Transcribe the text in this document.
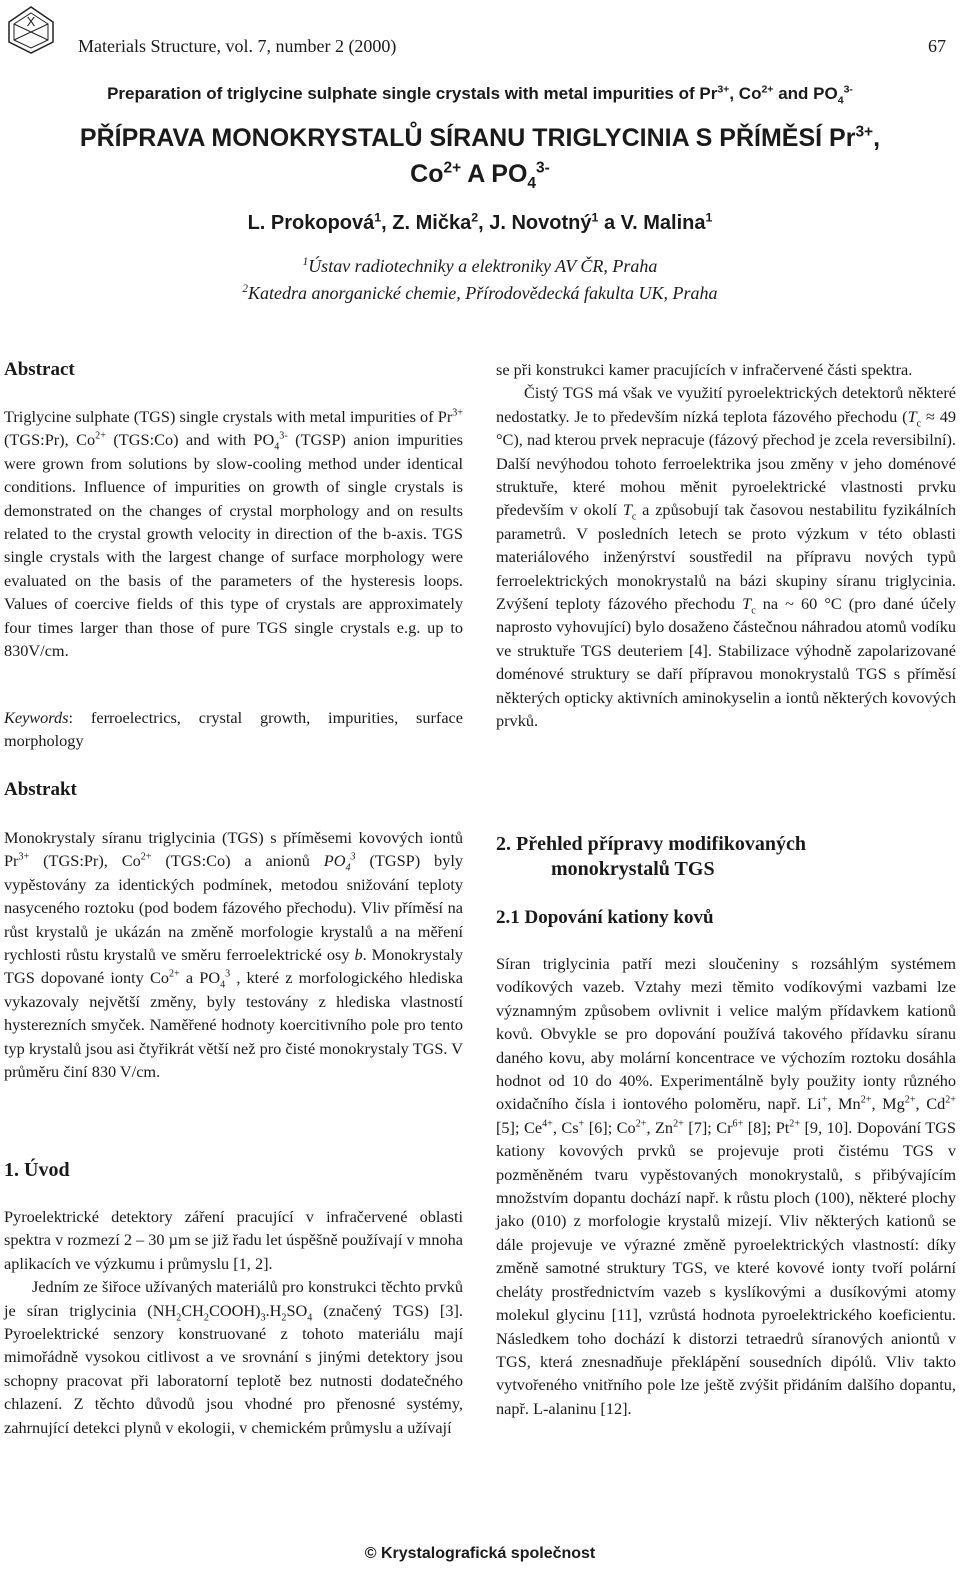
X
Materials Structure, vol. 7, number 2 (2000)	67
Preparation of triglycine sulphate single crystals with metal impurities of $Pr^{3+}$, $Co^{2+}$ and $PO_4^{3-}$
PŘÍPRAVA MONOKRYSTALŮ SÍRANU TRIGLYCINIA S PŘÍMĚSÍ $Pr^{3+}$,
$Co^{2+}$ A $PO_4^{3-}$
L. Prokopová$^1$, Z. Mička$^2$, J. Novotný$^1$ a V. Malina$^1$
$^1$Ústav radiotechniky a elektroniky AV ČR, Praha
$^2$Katedra anorganické chemie, Přírodovědecká fakulta UK, Praha
Abstract

Triglycine sulphate (TGS) single crystals with metal impurities of $Pr^{3+}$ (TGS:Pr), $Co^{2+}$ (TGS:Co) and with $PO_4^{3-}$ (TGSP) anion impurities were grown from solutions by slow-cooling method under identical conditions. Influence of impurities on growth of single crystals is demonstrated on the changes of crystal morphology and on results related to the crystal growth velocity in direction of the b-axis. TGS single crystals with the largest change of surface morphology were evaluated on the basis of the parameters of the hysteresis loops. Values of coercive fields of this type of crystals are approximately four times larger than those of pure TGS single crystals e.g. up to 830V/cm.

Keywords: ferroelectrics, crystal growth, impurities, surface morphology

Abstrakt

Monokrystaly síranu triglycinia (TGS) s příměsemi kovových iontů $Pr^{3+}$ (TGS:Pr), $Co^{2+}$ (TGS:Co) a anionů $PO_4^3$ (TGSP) byly vypěstovány za identických podmínek, metodou snižování teploty nasyceného roztoku (pod bodem fázového přechodu). Vliv příměsí na růst krystalů je ukázán na změně morfologie krystalů a na měření rychlosti růstu krystalů ve směru ferroelektrické osy b. Monokrystaly TGS dopované ionty $Co^{2+}$ a $PO_4^3$ , které z morfologického hlediska vykazovaly největší změny, byly testovány z hlediska vlastností hysterezních smyček. Naměřené hodnoty koercitivního pole pro tento typ krystalů jsou asi čtyřikrát větší než pro čisté monokrystaly TGS. V průměru činí 830 V/cm.

1. Úvod

Pyroelektrické detektory záření pracující v infračervené oblasti spektra v rozmezí 2 – 30 µm se již řadu let úspěšně používají v mnoha aplikacích ve výzkumu i průmyslu [1, 2].

Jedním ze šiřoce užívaných materiálů pro konstrukci těchto prvků je síran triglycinia $(NH_2CH_2COOH)_3.H_2SO_4$ (značený TGS) [3]. Pyroelektrické senzory konstruované z tohoto materiálu mají mimořádně vysokou citlivost a ve srovnání s jinými detektory jsou schopny pracovat při laboratorní teplotě bez nutnosti dodatečného chlazení. Z těchto důvodů jsou vhodné pro přenosné systémy, zahrnující detekci plynů v ekologii, v chemickém průmyslu a užívají

se při konstrukci kamer pracujících v infračervené části spektra.

Čistý TGS má však ve využití pyroelektrických detektorů některé nedostatky. Je to především nízká teplota fázového přechodu ($T_c \approx 49$ °C), nad kterou prvek nepracuje (fázový přechod je zcela reversibilní). Další nevýhodou tohoto ferroelektrika jsou změny v jeho doménové struktuře, které mohou měnit pyroelektrické vlastnosti prvku především v okolí $T_c$ a způsobují tak časovou nestabilitu fyzikálních parametrů. V posledních letech se proto výzkum v této oblasti materiálového inženýrství soustředil na přípravu nových typů ferroelektrických monokrystalů na bázi skupiny síranu triglycinia. Zvýšení teploty fázového přechodu $T_c$ na ~ 60 °C (pro dané účely naprosto vyhovující) bylo dosaženo částečnou náhradou atomů vodíku ve struktuře TGS deuteriem [4]. Stabilizace výhodně zapolarizované doménové struktury se daří přípravou monokrystalů TGS s příměsí některých opticky aktivních aminokyselin a iontů některých kovových prvků.

2. Přehled přípravy modifikovaných
monokrystalů TGS
2.1 Dopování kationy kovů

Síran triglycinia patří mezi sloučeniny s rozsáhlým systémem vodíkových vazeb. Vztahy mezi těmito vodíkovými vazbami lze významným způsobem ovlivnit i velice malým přídavkem kationů kovů. Obvykle se pro dopování používá takového přídavku síranu daného kovu, aby molární koncentrace ve výchozím roztoku dosáhla hodnot od 10 do 40%. Experimentálně byly použity ionty různého oxidačního čísla i iontového poloměru, např. Li+, $Mn^{2+}$, $Mg^{2+}$, $Cd^{2+}$ [5]; $Ce^{4+}$, Cs+ [6]; $Co^{2+}$, $Zn^{2+}$ [7]; $Cr^{6+}$ [8]; $Pt^{2+}$ [9, 10]. Dopování TGS kationy kovových prvků se projevuje proti čistému TGS v pozměněném tvaru vypěstovaných monokrystalů, s přibývajícím množstvím dopantu dochází např. k růstu ploch (100), některé plochy jako (010) z morfologie krystalů mizejí. Vliv některých kationů se dále projevuje ve výrazné změně pyroelektrických vlastností: díky změně samotné struktury TGS, ve které kovové ionty tvoří polární cheláty prostřednictvím vazeb s kyslíkovými a dusíkovými atomy molekul glycinu [11], vzrůstá hodnota pyroelektrického koeficientu. Následkem toho dochází k distorzi tetraedrů síranových aniontů v TGS, která znesnadňuje překlápění sousedních dipólů. Vliv takto vytvořeného vnitřního pole lze ještě zvýšit přidáním dalšího dopantu, např. L-alaninu [12].

© Krystalografická společnost
